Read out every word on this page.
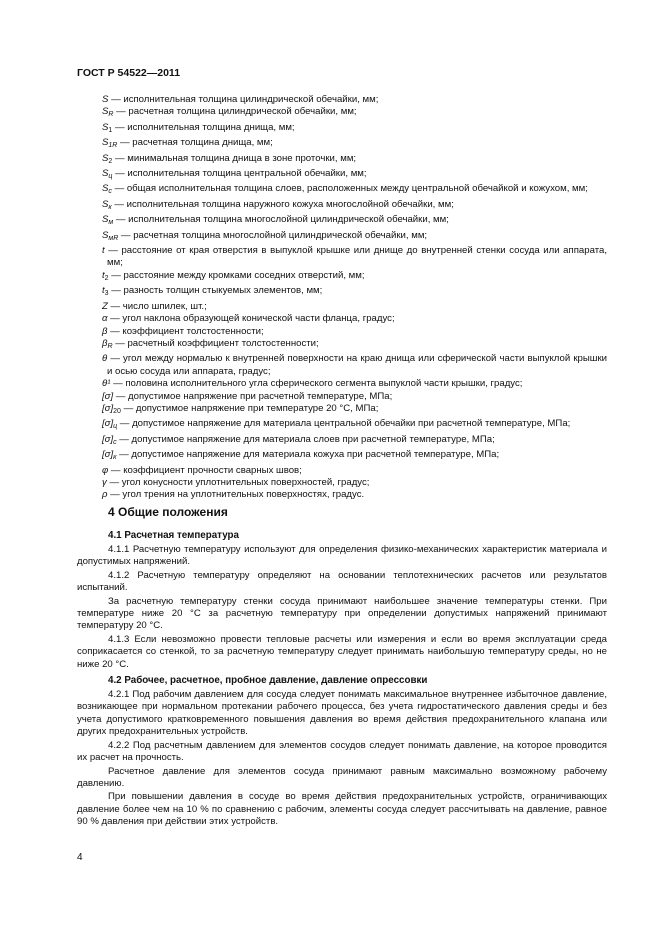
ГОСТ Р 54522—2011
S — исполнительная толщина цилиндрической обечайки, мм;
$S_R$ — расчетная толщина цилиндрической обечайки, мм;
$S_1$ — исполнительная толщина днища, мм;
$S_{1R}$ — расчетная толщина днища, мм;
$S_2$ — минимальная толщина днища в зоне проточки, мм;
$S_ц$ — исполнительная толщина центральной обечайки, мм;
$S_c$ — общая исполнительная толщина слоев, расположенных между центральной обечайкой и кожухом, мм;
$S_к$ — исполнительная толщина наружного кожуха многослойной обечайки, мм;
$S_м$ — исполнительная толщина многослойной цилиндрической обечайки, мм;
$S_{мR}$ — расчетная толщина многослойной цилиндрической обечайки, мм;
t — расстояние от края отверстия в выпуклой крышке или днище до внутренней стенки сосуда или аппарата, мм;
$t_2$ — расстояние между кромками соседних отверстий, мм;
$t_3$ — разность толщин стыкуемых элементов, мм;
Z — число шпилек, шт.;
α — угол наклона образующей конической части фланца, градус;
β — коэффициент толстостенности;
$\beta_R$ — расчетный коэффициент толстостенности;
θ — угол между нормалью к внутренней поверхности на краю днища или сферической части выпуклой крышки и осью сосуда или аппарата, градус;
θ¹ — половина исполнительного угла сферического сегмента выпуклой части крышки, градус;
[σ] — допустимое напряжение при расчетной температуре, МПа;
$[\sigma]_{20}$ — допустимое напряжение при температуре 20 °С, МПа;
$[\sigma]_ц$ — допустимое напряжение для материала центральной обечайки при расчетной температуре, МПа;
$[\sigma]_c$ — допустимое напряжение для материала слоев при расчетной температуре, МПа;
$[\sigma]_к$ — допустимое напряжение для материала кожуха при расчетной температуре, МПа;
φ — коэффициент прочности сварных швов;
γ — угол конусности уплотнительных поверхностей, градус;
ρ — угол трения на уплотнительных поверхностях, градус.
4 Общие положения
4.1 Расчетная температура

4.1.1 Расчетную температуру используют для определения физико-механических характеристик материала и допустимых напряжений.

4.1.2 Расчетную температуру определяют на основании теплотехнических расчетов или результатов испытаний.

За расчетную температуру стенки сосуда принимают наибольшее значение температуры стенки. При температуре ниже 20 °С за расчетную температуру при определении допустимых напряжений принимают температуру 20 °С.

4.1.3 Если невозможно провести тепловые расчеты или измерения и если во время эксплуатации среда соприкасается со стенкой, то за расчетную температуру следует принимать наибольшую температуру среды, но не ниже 20 °С.

4.2 Рабочее, расчетное, пробное давление, давление опрессовки

4.2.1 Под рабочим давлением для сосуда следует понимать максимальное внутреннее избыточное давление, возникающее при нормальном протекании рабочего процесса, без учета гидростатического давления среды и без учета допустимого кратковременного повышения давления во время действия предохранительного клапана или других предохранительных устройств.

4.2.2 Под расчетным давлением для элементов сосудов следует понимать давление, на которое проводится их расчет на прочность.

Расчетное давление для элементов сосуда принимают равным максимально возможному рабочему давлению.

При повышении давления в сосуде во время действия предохранительных устройств, ограничивающих давление более чем на 10 % по сравнению с рабочим, элементы сосуда следует рассчитывать на давление, равное 90 % давления при действии этих устройств.

4
